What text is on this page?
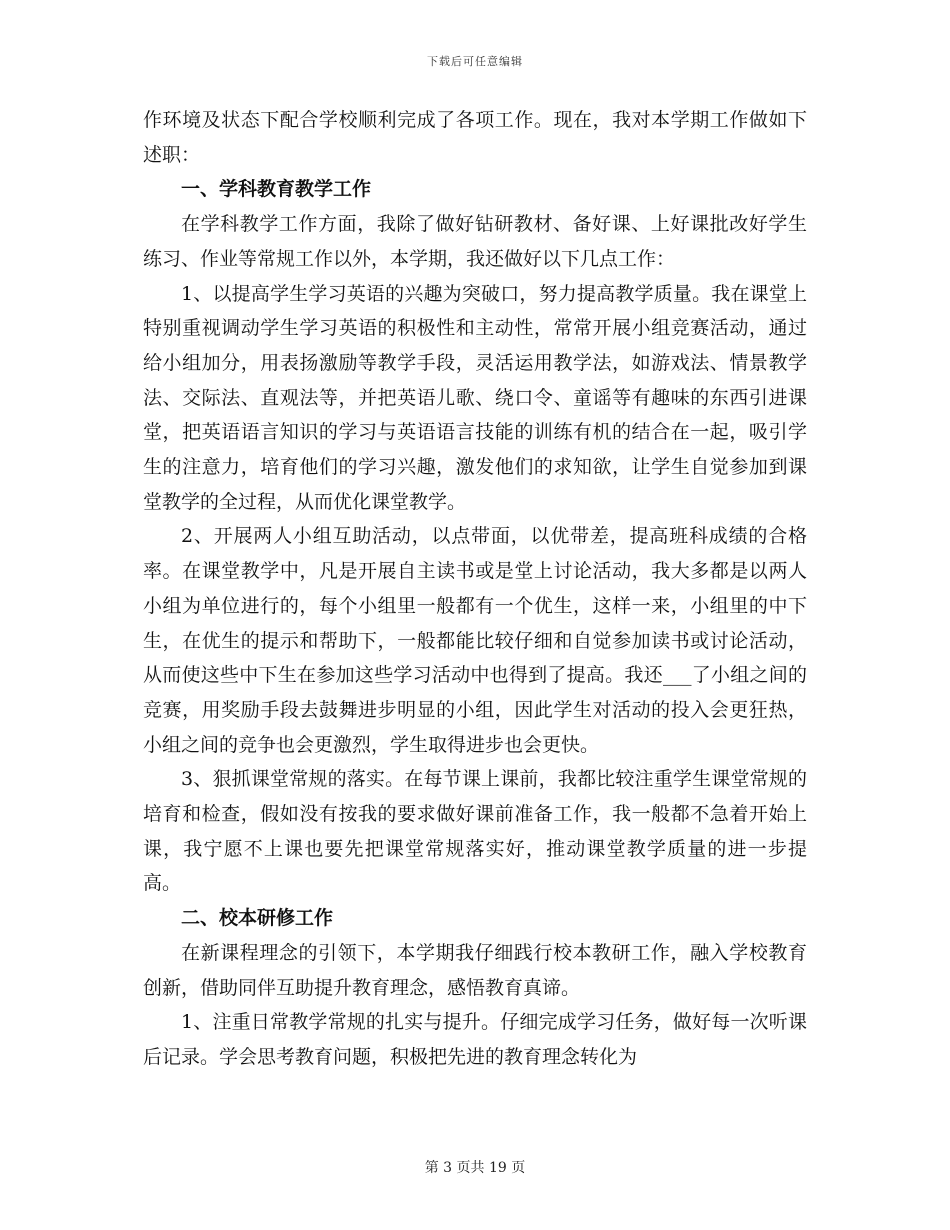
下载后可任意编辑

作环境及状态下配合学校顺利完成了各项工作。现在，我对本学期工作做如下述职：

一、学科教育教学工作

在学科教学工作方面，我除了做好钻研教材、备好课、上好课批改好学生练习、作业等常规工作以外，本学期，我还做好以下几点工作：

1、以提高学生学习英语的兴趣为突破口，努力提高教学质量。我在课堂上特别重视调动学生学习英语的积极性和主动性，常常开展小组竞赛活动，通过给小组加分，用表扬激励等教学手段，灵活运用教学法，如游戏法、情景教学法、交际法、直观法等，并把英语儿歌、绕口令、童谣等有趣味的东西引进课堂，把英语语言知识的学习与英语语言技能的训练有机的结合在一起，吸引学生的注意力，培育他们的学习兴趣，激发他们的求知欲，让学生自觉参加到课堂教学的全过程，从而优化课堂教学。

2、开展两人小组互助活动，以点带面，以优带差，提高班科成绩的合格率。在课堂教学中，凡是开展自主读书或是堂上讨论活动，我大多都是以两人小组为单位进行的，每个小组里一般都有一个优生，这样一来，小组里的中下生，在优生的提示和帮助下，一般都能比较仔细和自觉参加读书或讨论活动，从而使这些中下生在参加这些学习活动中也得到了提高。我还___了小组之间的竞赛，用奖励手段去鼓舞进步明显的小组，因此学生对活动的投入会更狂热，小组之间的竞争也会更激烈，学生取得进步也会更快。

3、狠抓课堂常规的落实。在每节课上课前，我都比较注重学生课堂常规的培育和检查，假如没有按我的要求做好课前准备工作，我一般都不急着开始上课，我宁愿不上课也要先把课堂常规落实好，推动课堂教学质量的进一步提高。

二、校本研修工作

在新课程理念的引领下，本学期我仔细践行校本教研工作，融入学校教育创新，借助同伴互助提升教育理念，感悟教育真谛。

1、注重日常教学常规的扎实与提升。仔细完成学习任务，做好每一次听课后记录。学会思考教育问题，积极把先进的教育理念转化为

第 3 页共 19 页
